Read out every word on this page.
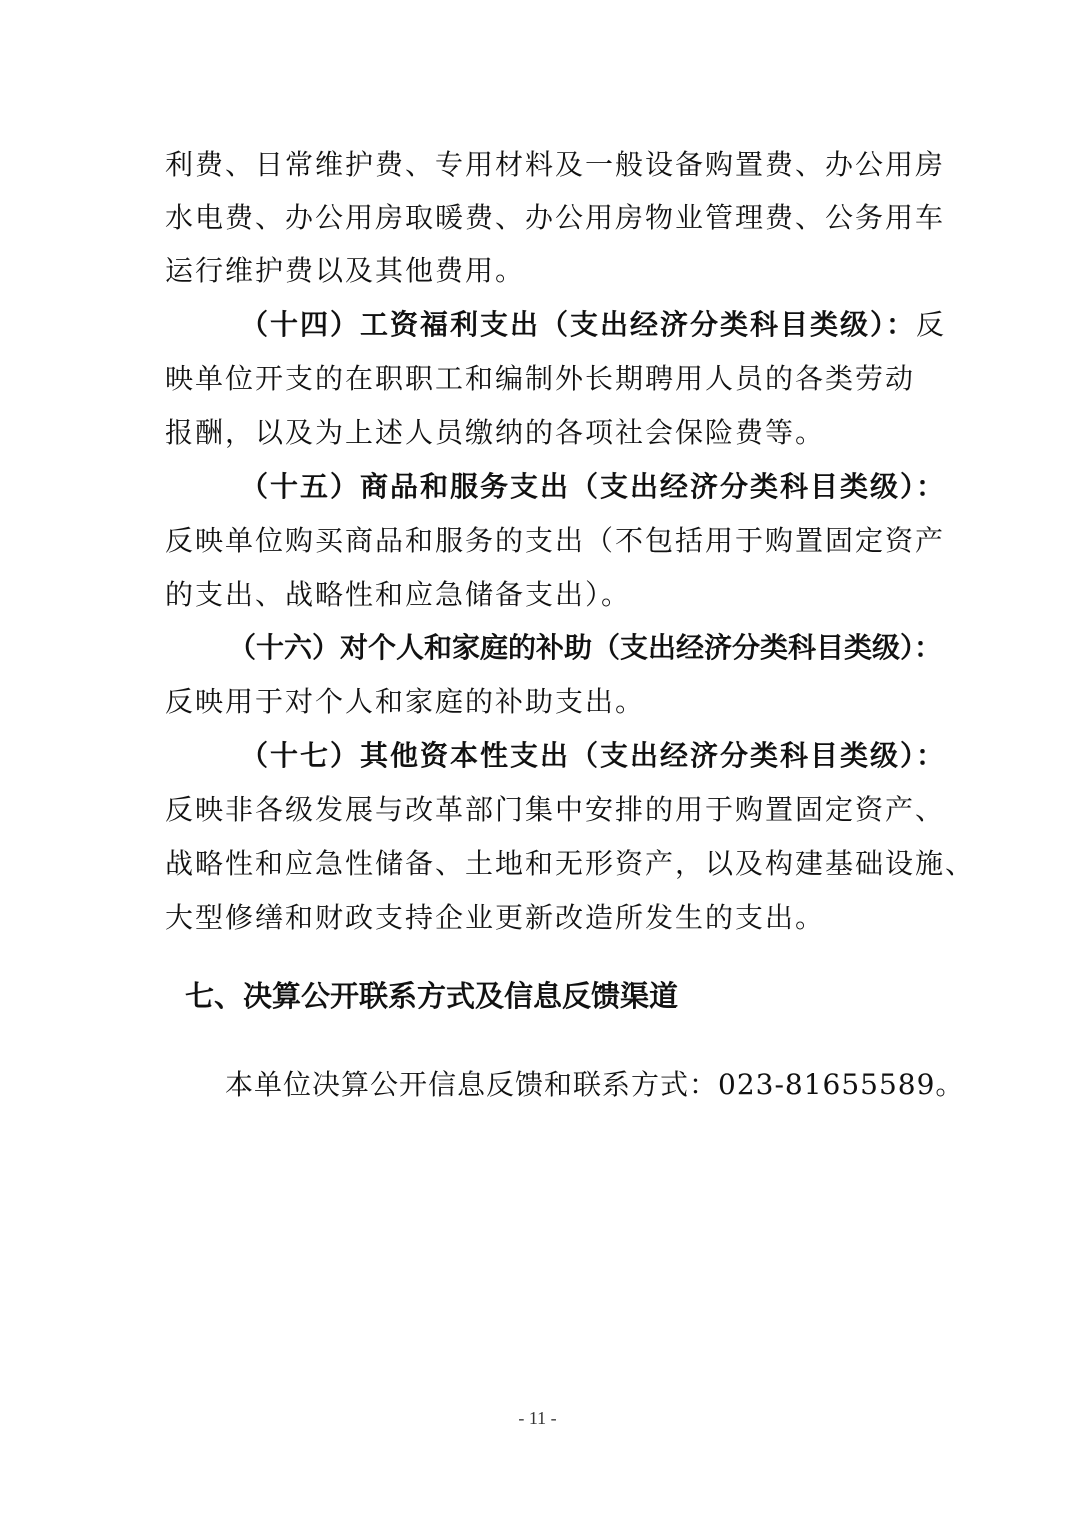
利费、日常维护费、专用材料及一般设备购置费、办公用房
水电费、办公用房取暖费、办公用房物业管理费、公务用车
运行维护费以及其他费用。
（十四）工资福利支出（支出经济分类科目类级）：反
映单位开支的在职职工和编制外长期聘用人员的各类劳动
报酬，以及为上述人员缴纳的各项社会保险费等。
（十五）商品和服务支出（支出经济分类科目类级）：
反映单位购买商品和服务的支出（不包括用于购置固定资产
的支出、战略性和应急储备支出）。
（十六）对个人和家庭的补助（支出经济分类科目类级）：
反映用于对个人和家庭的补助支出。
（十七）其他资本性支出（支出经济分类科目类级）：
反映非各级发展与改革部门集中安排的用于购置固定资产、
战略性和应急性储备、土地和无形资产，以及构建基础设施、
大型修缮和财政支持企业更新改造所发生的支出。
七、决算公开联系方式及信息反馈渠道
本单位决算公开信息反馈和联系方式：023-81655589。
- 11 -
